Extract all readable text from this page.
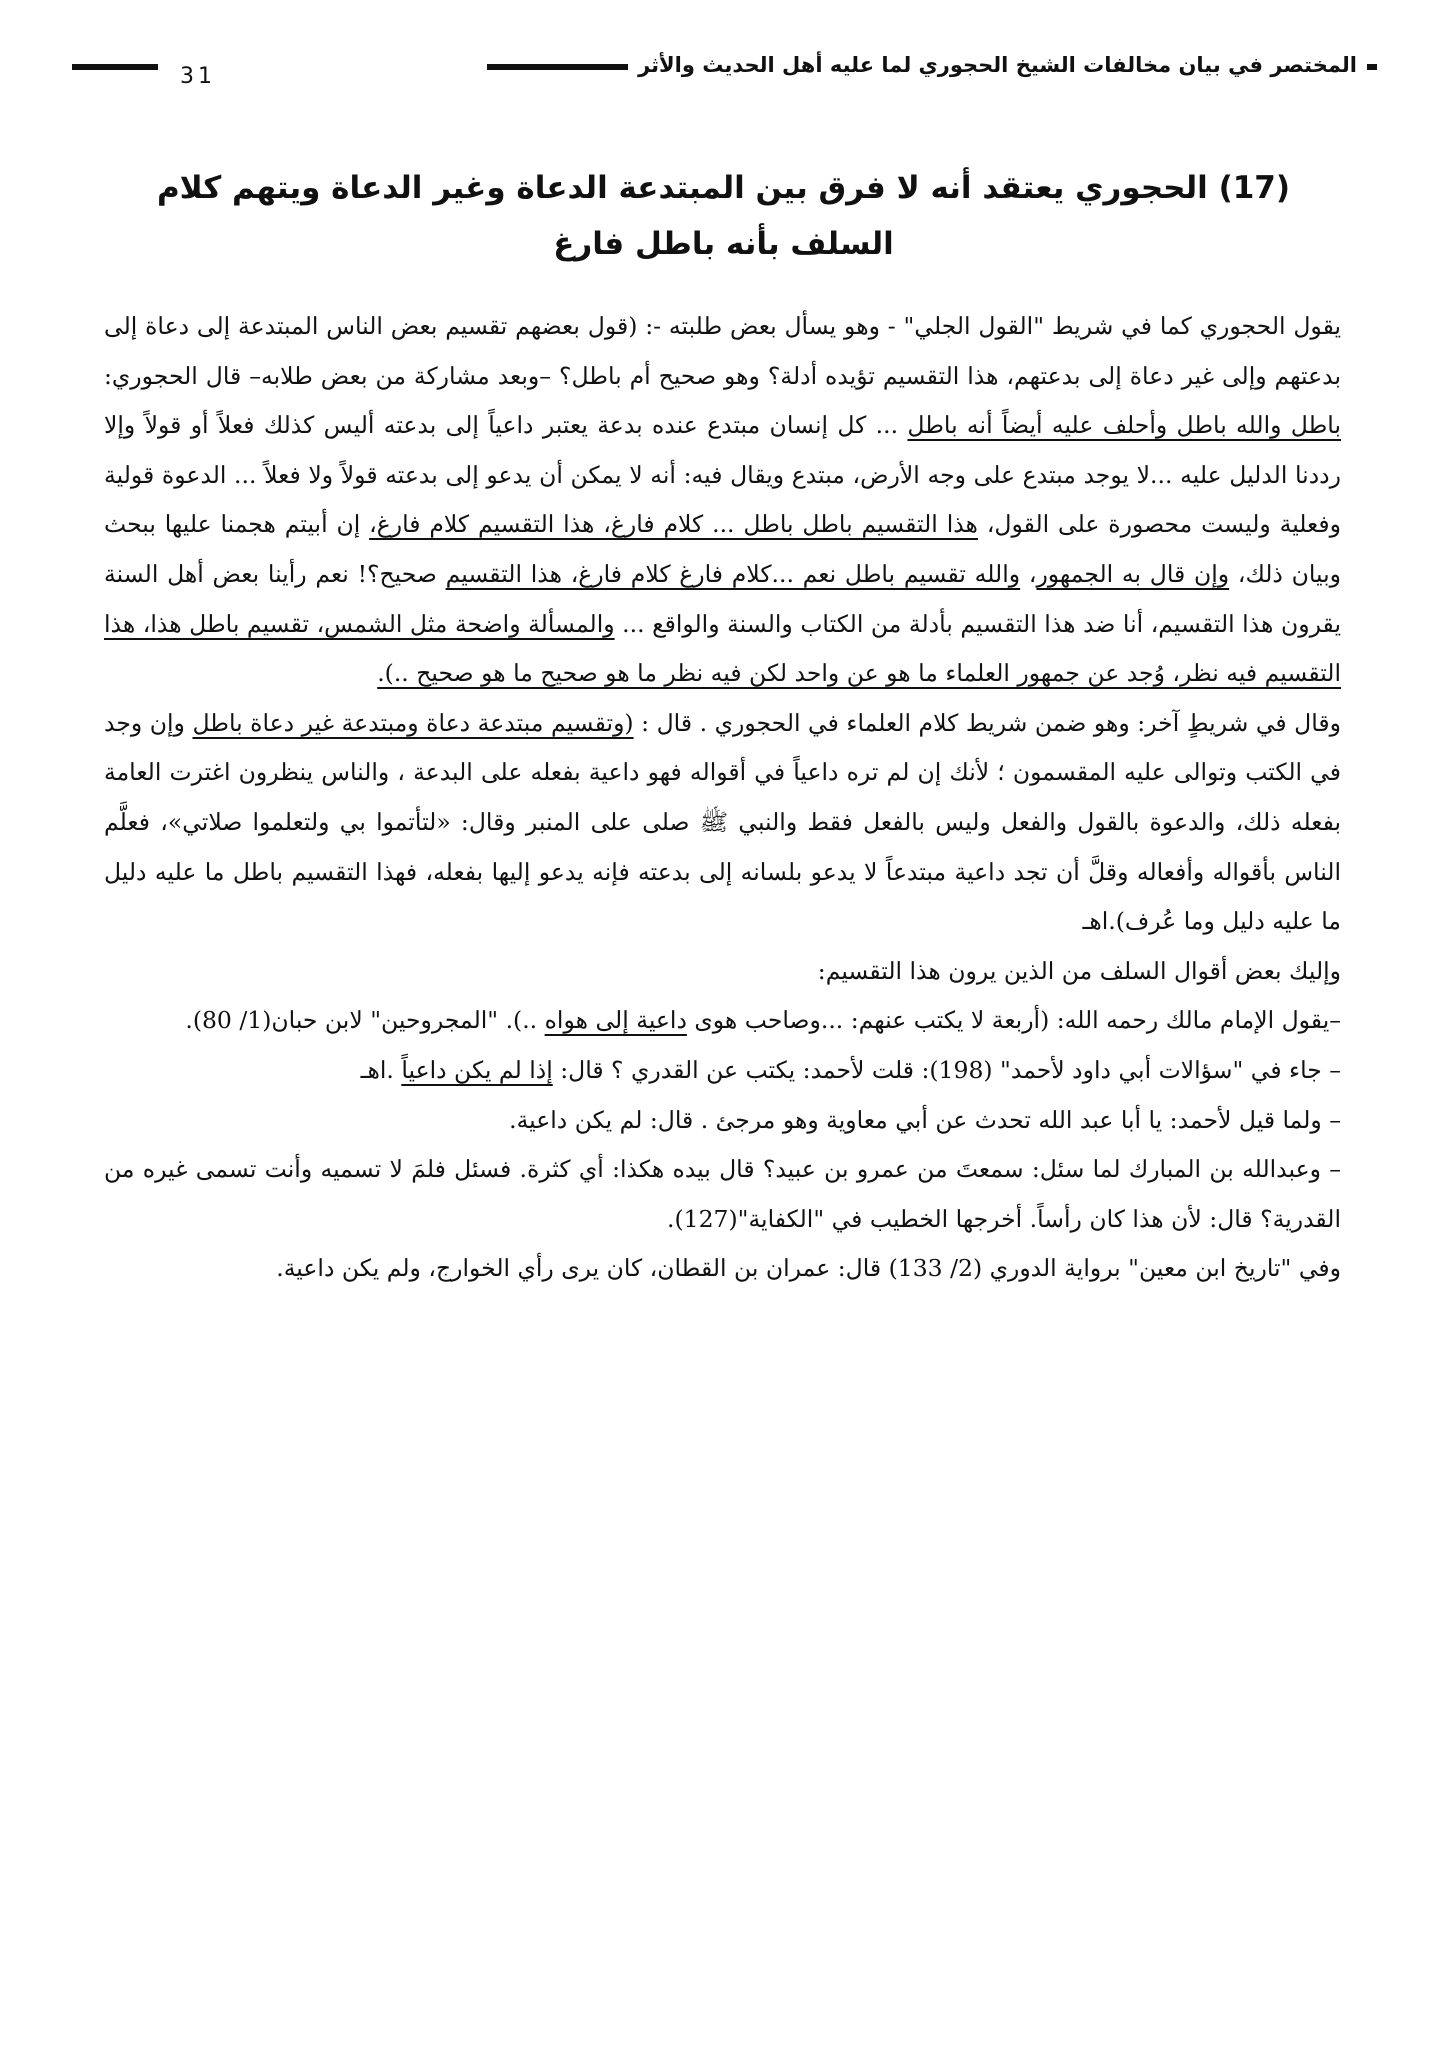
المختصر في بيان مخالفات الشيخ الحجوري لما عليه أهل الحديث والأثر
31
(17) الحجوري يعتقد أنه لا فرق بين المبتدعة الدعاة وغير الدعاة ويتهم كلام السلف بأنه باطل فارغ

يقول الحجوري كما في شريط "القول الجلي" - وهو يسأل بعض طلبته -: (قول بعضهم تقسيم بعض الناس المبتدعة إلى دعاة إلى بدعتهم وإلى غير دعاة إلى بدعتهم، هذا التقسيم تؤيده أدلة؟ وهو صحيح أم باطل؟ –وبعد مشاركة من بعض طلابه– قال الحجوري: باطل والله باطل وأحلف عليه أيضاً أنه باطل ... كل إنسان مبتدع عنده بدعة يعتبر داعياً إلى بدعته أليس كذلك فعلاً أو قولاً وإلا رددنا الدليل عليه ...لا يوجد مبتدع على وجه الأرض، مبتدع ويقال فيه: أنه لا يمكن أن يدعو إلى بدعته قولاً ولا فعلاً ... الدعوة قولية وفعلية وليست محصورة على القول، هذا التقسيم باطل باطل ... كلام فارغ، هذا التقسيم كلام فارغ، إن أبيتم هجمنا عليها ببحث وبيان ذلك، وإن قال به الجمهور، والله تقسيم باطل نعم ...كلام فارغ كلام فارغ، هذا التقسيم صحيح؟! نعم رأينا بعض أهل السنة يقرون هذا التقسيم، أنا ضد هذا التقسيم بأدلة من الكتاب والسنة والواقع ... والمسألة واضحة مثل الشمس، تقسيم باطل هذا، هذا التقسيم فيه نظر، وُجد عن جمهور العلماء ما هو عن واحد لكن فيه نظر ما هو صحيح ما هو صحيح ..).

وقال في شريطٍ آخر: وهو ضمن شريط كلام العلماء في الحجوري . قال : (وتقسيم مبتدعة دعاة ومبتدعة غير دعاة باطل وإن وجد في الكتب وتوالى عليه المقسمون ؛ لأنك إن لم تره داعياً في أقواله فهو داعية بفعله على البدعة ، والناس ينظرون اغترت العامة بفعله ذلك، والدعوة بالقول والفعل وليس بالفعل فقط والنبي ﷺ صلى على المنبر وقال: «لتأتموا بي ولتعلموا صلاتي»، فعلَّم الناس بأقواله وأفعاله وقلَّ أن تجد داعية مبتدعاً لا يدعو بلسانه إلى بدعته فإنه يدعو إليها بفعله، فهذا التقسيم باطل ما عليه دليل ما عليه دليل وما عُرف).اهـ

وإليك بعض أقوال السلف من الذين يرون هذا التقسيم:

–يقول الإمام مالك رحمه الله: (أربعة لا يكتب عنهم: ...وصاحب هوى داعية إلى هواه ..). "المجروحين" لابن حبان(1/ 80).

– جاء في "سؤالات أبي داود لأحمد" (198): قلت لأحمد: يكتب عن القدري ؟ قال: إذا لم يكن داعياً .اهـ

– ولما قيل لأحمد: يا أبا عبد الله تحدث عن أبي معاوية وهو مرجئ . قال: لم يكن داعية.

– وعبدالله بن المبارك لما سئل: سمعتَ من عمرو بن عبيد؟ قال بيده هكذا: أي كثرة. فسئل فلمَ لا تسميه وأنت تسمى غيره من القدرية؟ قال: لأن هذا كان رأساً. أخرجها الخطيب في "الكفاية"(127).

وفي "تاريخ ابن معين" برواية الدوري (2/ 133) قال: عمران بن القطان، كان يرى رأي الخوارج، ولم يكن داعية.
